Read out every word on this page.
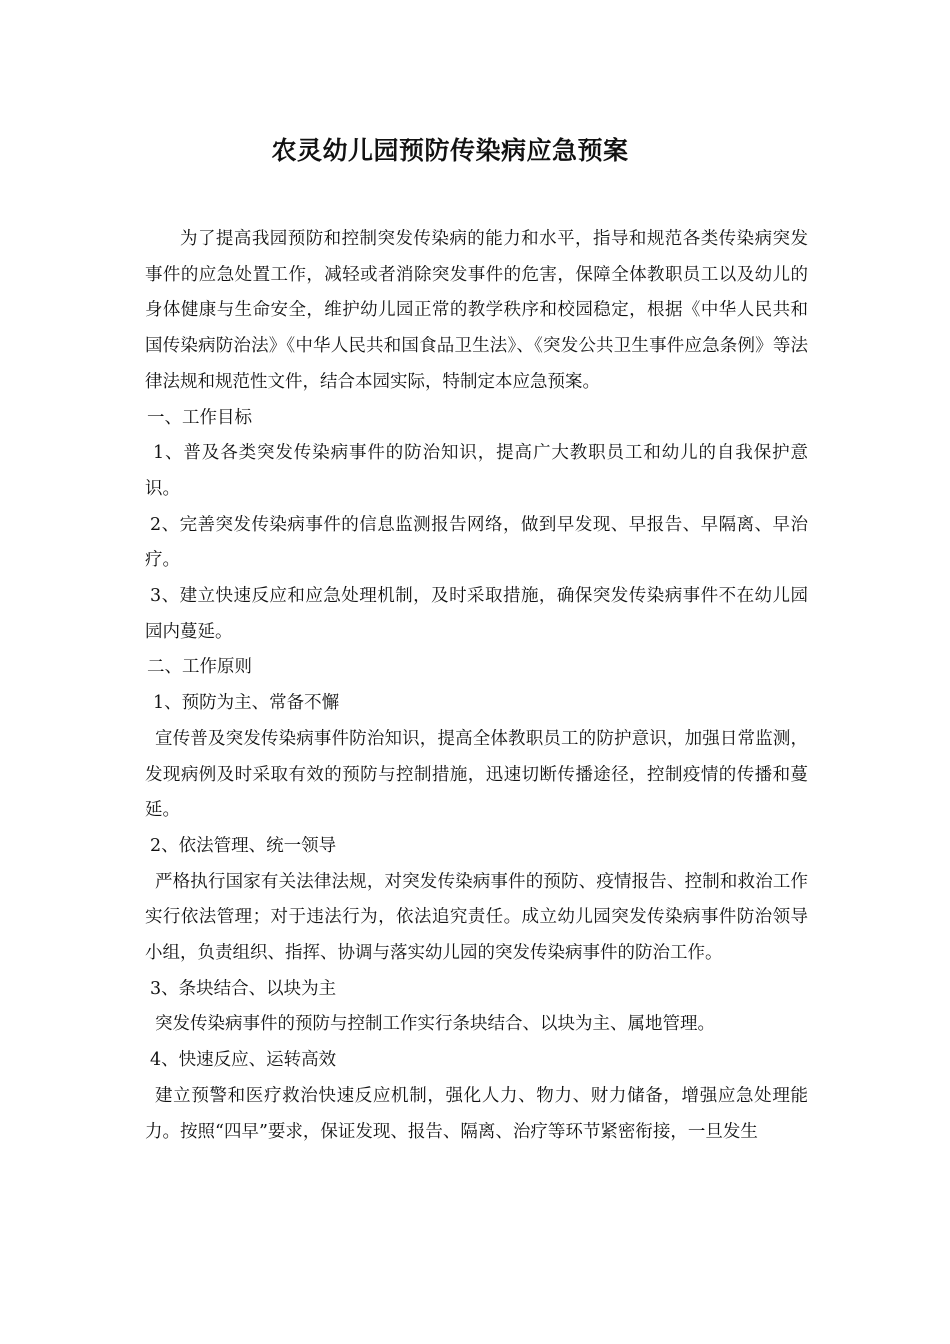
农灵幼儿园预防传染病应急预案

为了提高我园预防和控制突发传染病的能力和水平，指导和规范各类传染病突发事件的应急处置工作，减轻或者消除突发事件的危害，保障全体教职员工以及幼儿的身体健康与生命安全，维护幼儿园正常的教学秩序和校园稳定，根据《中华人民共和国传染病防治法》《中华人民共和国食品卫生法》、《突发公共卫生事件应急条例》等法律法规和规范性文件，结合本园实际，特制定本应急预案。

一、工作目标

1、普及各类突发传染病事件的防治知识，提高广大教职员工和幼儿的自我保护意识。

2、完善突发传染病事件的信息监测报告网络，做到早发现、早报告、早隔离、早治疗。

3、建立快速反应和应急处理机制，及时采取措施，确保突发传染病事件不在幼儿园园内蔓延。

二、工作原则

1、预防为主、常备不懈

宣传普及突发传染病事件防治知识，提高全体教职员工的防护意识，加强日常监测，发现病例及时采取有效的预防与控制措施，迅速切断传播途径，控制疫情的传播和蔓延。

2、依法管理、统一领导

严格执行国家有关法律法规，对突发传染病事件的预防、疫情报告、控制和救治工作实行依法管理；对于违法行为，依法追究责任。成立幼儿园突发传染病事件防治领导小组，负责组织、指挥、协调与落实幼儿园的突发传染病事件的防治工作。

3、条块结合、以块为主

突发传染病事件的预防与控制工作实行条块结合、以块为主、属地管理。

4、快速反应、运转高效

建立预警和医疗救治快速反应机制，强化人力、物力、财力储备，增强应急处理能力。按照“四早”要求，保证发现、报告、隔离、治疗等环节紧密衔接，一旦发生
